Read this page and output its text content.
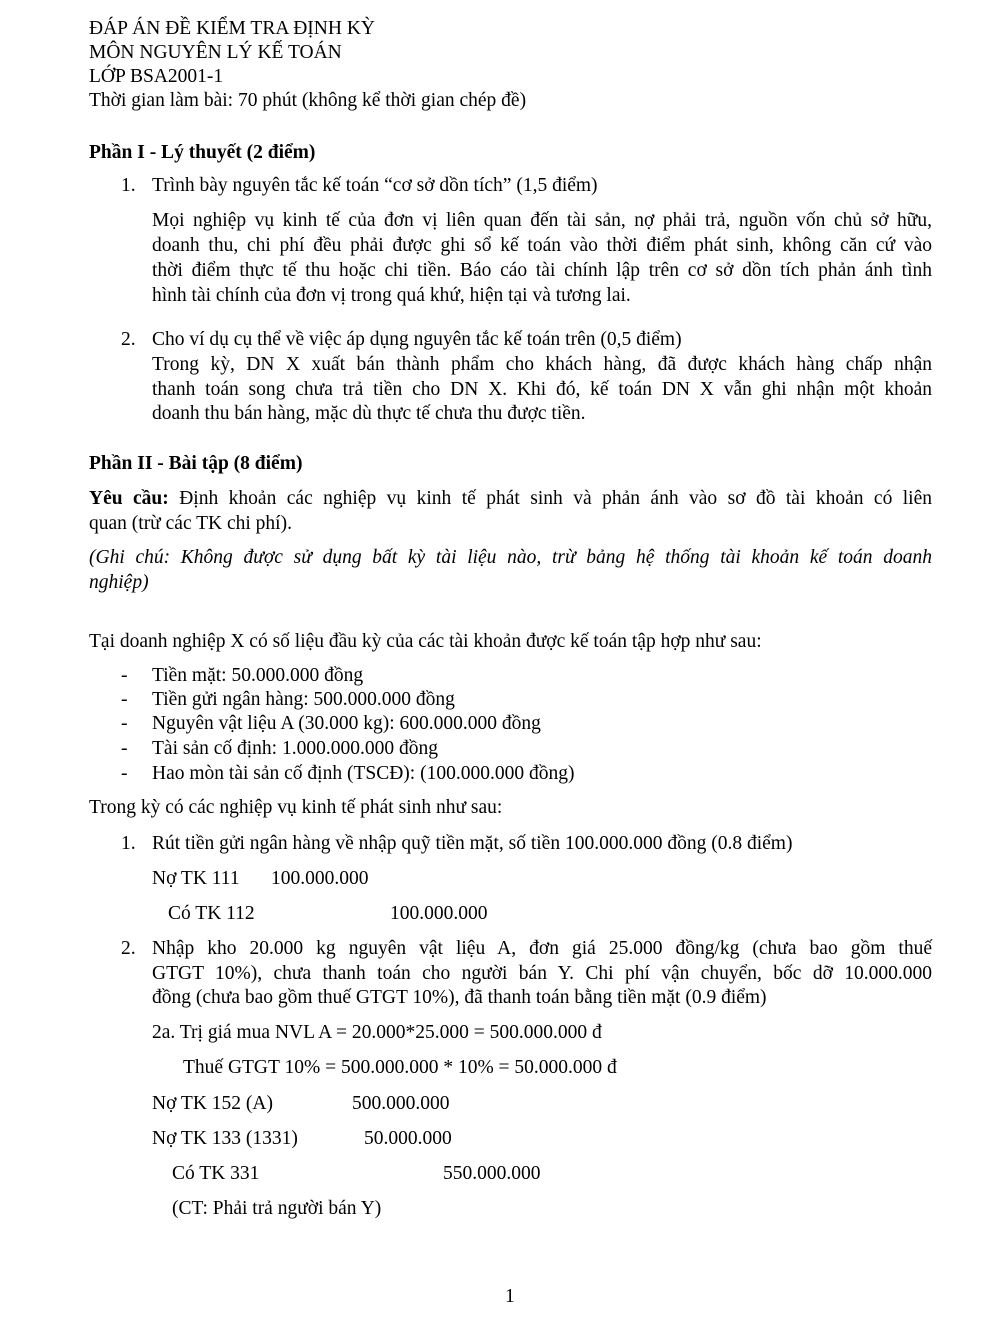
ĐÁP ÁN ĐỀ KIỂM TRA ĐỊNH KỲ

MÔN NGUYÊN LÝ KẾ TOÁN

LỚP BSA2001-1

Thời gian làm bài: 70 phút (không kể thời gian chép đề)

Phần I - Lý thuyết (2 điểm)

1. Trình bày nguyên tắc kế toán “cơ sở dồn tích” (1,5 điểm)

Mọi nghiệp vụ kinh tế của đơn vị liên quan đến tài sản, nợ phải trả, nguồn vốn chủ sở hữu,

doanh thu, chi phí đều phải được ghi sổ kế toán vào thời điểm phát sinh, không căn cứ vào

thời điểm thực tế thu hoặc chi tiền. Báo cáo tài chính lập trên cơ sở dồn tích phản ánh tình

hình tài chính của đơn vị trong quá khứ, hiện tại và tương lai.

2. Cho ví dụ cụ thể về việc áp dụng nguyên tắc kế toán trên (0,5 điểm)

Trong kỳ, DN X xuất bán thành phẩm cho khách hàng, đã được khách hàng chấp nhận

thanh toán song chưa trả tiền cho DN X. Khi đó, kế toán DN X vẫn ghi nhận một khoản

doanh thu bán hàng, mặc dù thực tế chưa thu được tiền.

Phần II - Bài tập (8 điểm)

Yêu cầu: Định khoản các nghiệp vụ kinh tế phát sinh và phản ánh vào sơ đồ tài khoản có liên

quan (trừ các TK chi phí).

(Ghi chú: Không được sử dụng bất kỳ tài liệu nào, trừ bảng hệ thống tài khoản kế toán doanh

nghiệp)

Tại doanh nghiệp X có số liệu đầu kỳ của các tài khoản được kế toán tập hợp như sau:

- Tiền mặt: 50.000.000 đồng

- Tiền gửi ngân hàng: 500.000.000 đồng

- Nguyên vật liệu A (30.000 kg): 600.000.000 đồng

- Tài sản cố định: 1.000.000.000 đồng

- Hao mòn tài sản cố định (TSCĐ): (100.000.000 đồng)

Trong kỳ có các nghiệp vụ kinh tế phát sinh như sau:

1. Rút tiền gửi ngân hàng về nhập quỹ tiền mặt, số tiền 100.000.000 đồng (0.8 điểm)

Nợ TK 111 100.000.000

Có TK 112	100.000.000

2. Nhập kho 20.000 kg nguyên vật liệu A, đơn giá 25.000 đồng/kg (chưa bao gồm thuế

GTGT 10%), chưa thanh toán cho người bán Y. Chi phí vận chuyển, bốc dỡ 10.000.000

đồng (chưa bao gồm thuế GTGT 10%), đã thanh toán bằng tiền mặt (0.9 điểm)

2a. Trị giá mua NVL A = 20.000*25.000 = 500.000.000 đ

Thuế GTGT 10% = 500.000.000 * 10% = 50.000.000 đ

Nợ TK 152 (A)	500.000.000

Nợ TK 133 (1331)	50.000.000

Có TK 331	550.000.000

(CT: Phải trả người bán Y)

1
